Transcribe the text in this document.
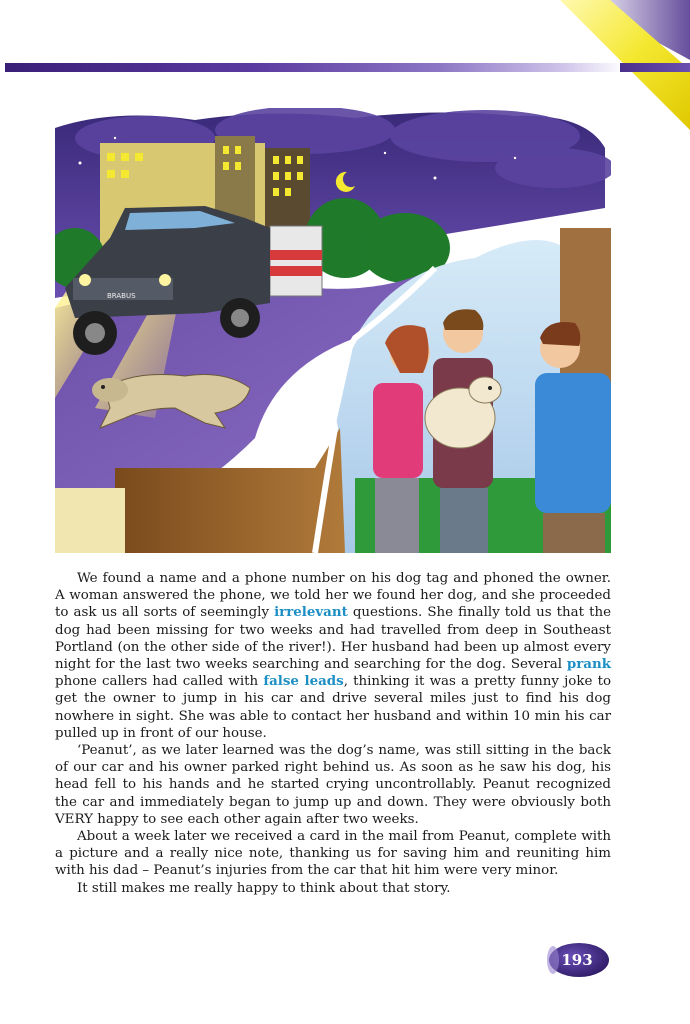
BRABUS

We found a name and a phone number on his dog tag and phoned the owner. A woman answered the phone, we told her we found her dog, and she proceeded to ask us all sorts of seemingly irrelevant questions. She finally told us that the dog had been missing for two weeks and had travelled from deep in Southeast Portland (on the other side of the river!). Her husband had been up almost every night for the last two weeks searching and searching for the dog. Several prank phone callers had called with false leads, thinking it was a pretty funny joke to get the owner to jump in his car and drive several miles just to find his dog nowhere in sight. She was able to contact her husband and within 10 min his car pulled up in front of our house.

‘Peanut’, as we later learned was the dog’s name, was still sitting in the back of our car and his owner parked right behind us. As soon as he saw his dog, his head fell to his hands and he started crying uncontrollably. Peanut recognized the car and immediately began to jump up and down. They were obviously both VERY happy to see each other again after two weeks.

About a week later we received a card in the mail from Peanut, complete with a picture and a really nice note, thanking us for saving him and reuniting him with his dad – Peanut’s injuries from the car that hit him were very minor.

It still makes me really happy to think about that story.

193
